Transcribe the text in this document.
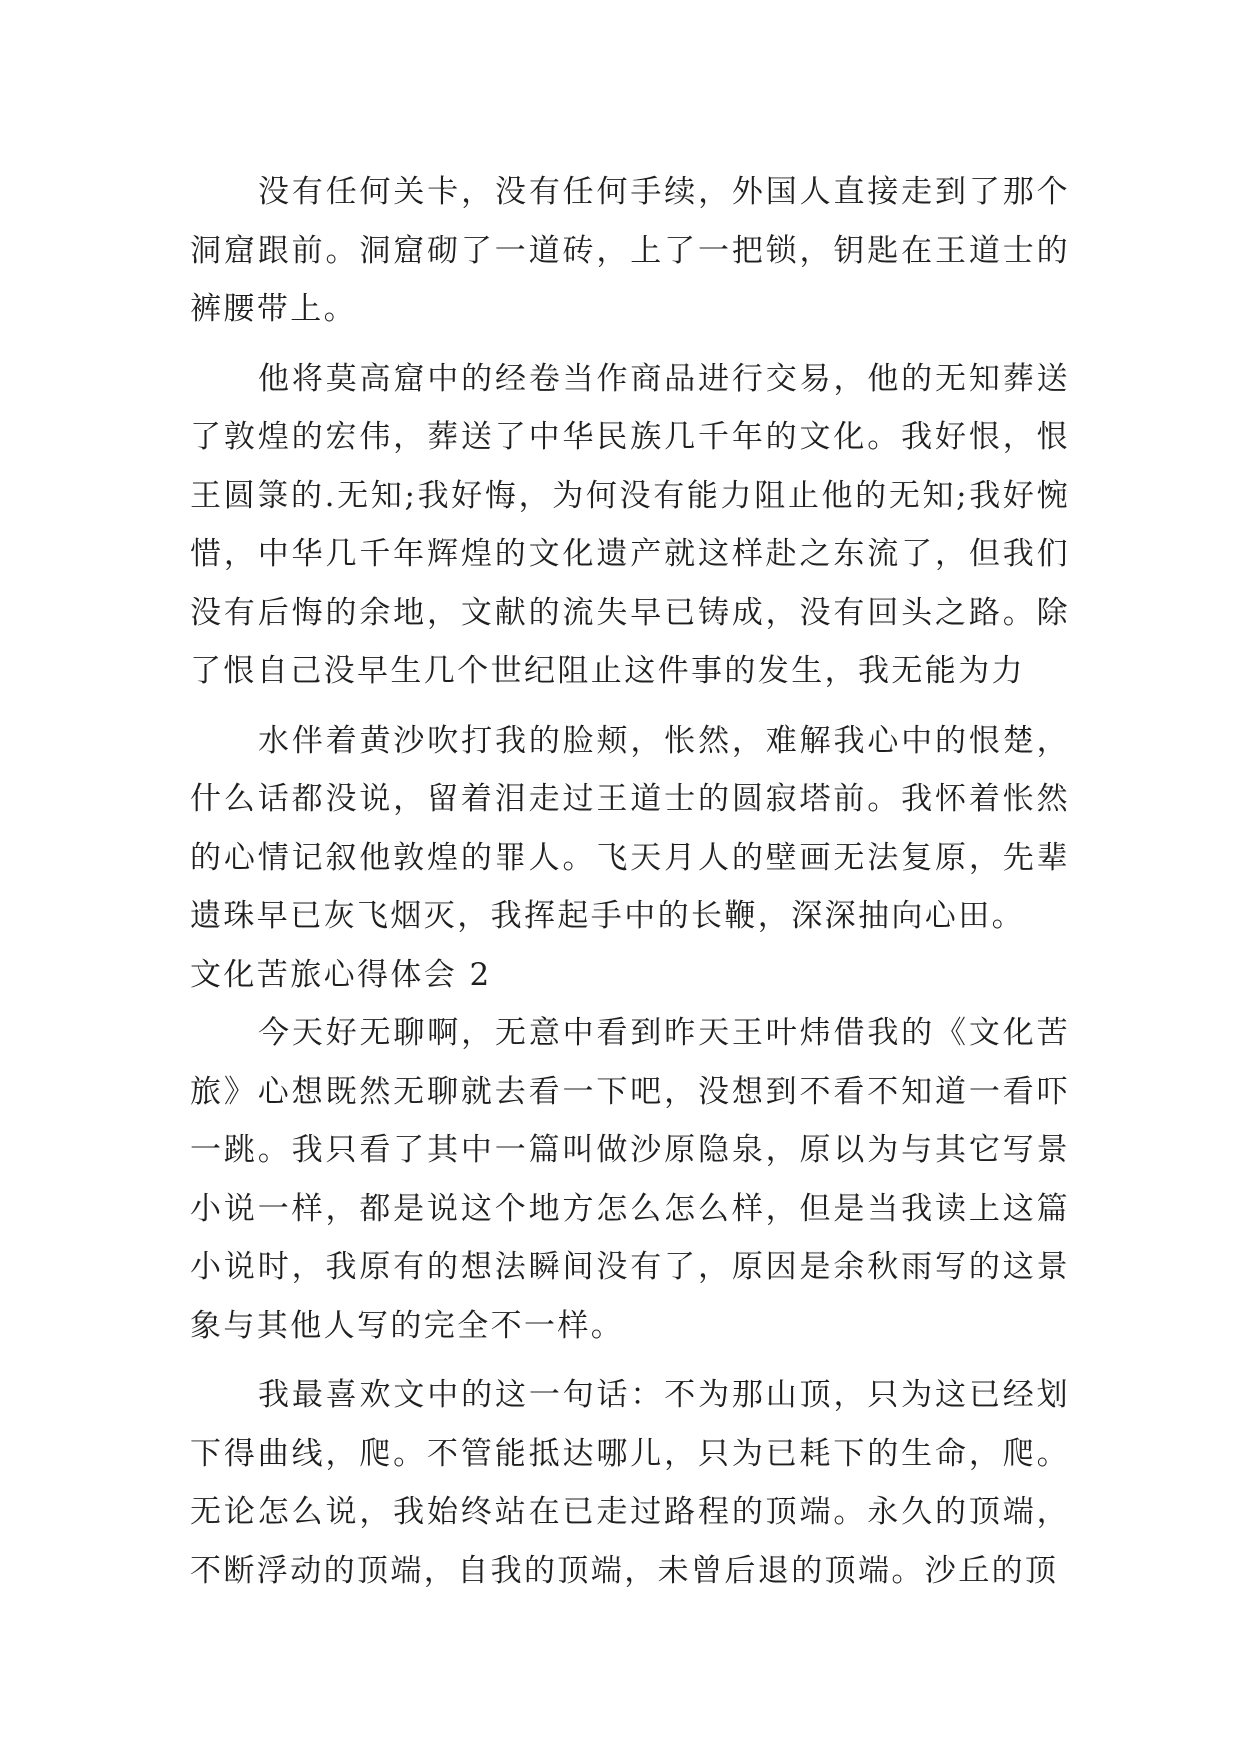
没有任何关卡，没有任何手续，外国人直接走到了那个洞窟跟前。洞窟砌了一道砖，上了一把锁，钥匙在王道士的裤腰带上。

他将莫高窟中的经卷当作商品进行交易，他的无知葬送了敦煌的宏伟，葬送了中华民族几千年的文化。我好恨，恨王圆箓的.无知;我好悔，为何没有能力阻止他的无知;我好惋惜，中华几千年辉煌的文化遗产就这样赴之东流了，但我们没有后悔的余地，文献的流失早已铸成，没有回头之路。除了恨自己没早生几个世纪阻止这件事的发生，我无能为力

水伴着黄沙吹打我的脸颊，怅然，难解我心中的恨楚，什么话都没说，留着泪走过王道士的圆寂塔前。我怀着怅然的心情记叙他敦煌的罪人。飞天月人的壁画无法复原，先辈遗珠早已灰飞烟灭，我挥起手中的长鞭，深深抽向心田。

文化苦旅心得体会 2

今天好无聊啊，无意中看到昨天王叶炜借我的《文化苦旅》心想既然无聊就去看一下吧，没想到不看不知道一看吓一跳。我只看了其中一篇叫做沙原隐泉，原以为与其它写景小说一样，都是说这个地方怎么怎么样，但是当我读上这篇小说时，我原有的想法瞬间没有了，原因是余秋雨写的这景象与其他人写的完全不一样。

我最喜欢文中的这一句话：不为那山顶，只为这已经划下得曲线，爬。不管能抵达哪儿，只为已耗下的生命，爬。无论怎么说，我始终站在已走过路程的顶端。永久的顶端，不断浮动的顶端，自我的顶端，未曾后退的顶端。沙丘的顶
